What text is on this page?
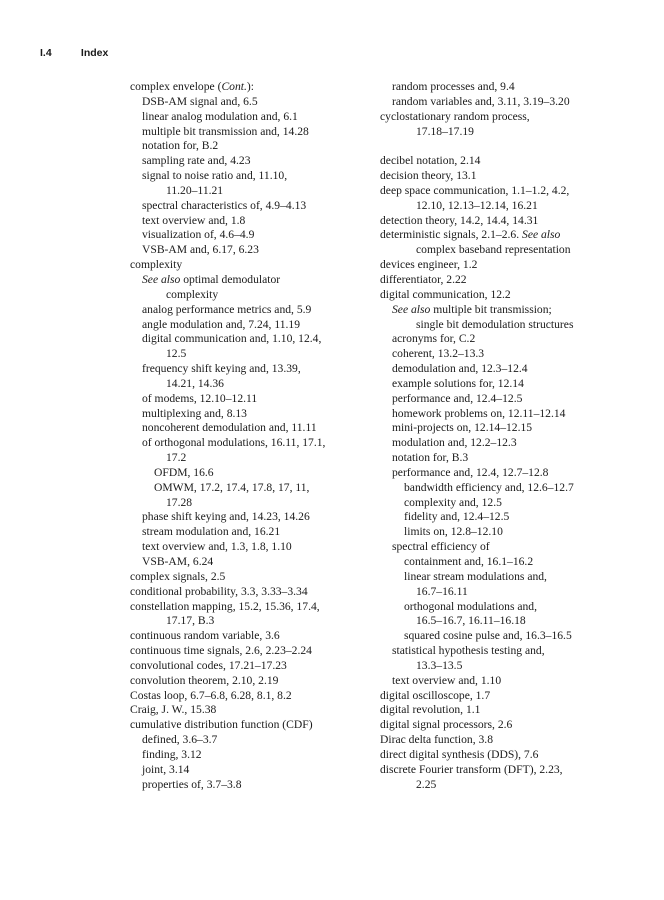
I.4	Index
complex envelope (Cont.):
DSB-AM signal and, 6.5
linear analog modulation and, 6.1
multiple bit transmission and, 14.28
notation for, B.2
sampling rate and, 4.23
signal to noise ratio and, 11.10,
11.20–11.21
spectral characteristics of, 4.9–4.13
text overview and, 1.8
visualization of, 4.6–4.9
VSB-AM and, 6.17, 6.23
complexity
See also optimal demodulator
complexity
analog performance metrics and, 5.9
angle modulation and, 7.24, 11.19
digital communication and, 1.10, 12.4,
12.5
frequency shift keying and, 13.39,
14.21, 14.36
of modems, 12.10–12.11
multiplexing and, 8.13
noncoherent demodulation and, 11.11
of orthogonal modulations, 16.11, 17.1,
17.2
OFDM, 16.6
OMWM, 17.2, 17.4, 17.8, 17, 11,
17.28
phase shift keying and, 14.23, 14.26
stream modulation and, 16.21
text overview and, 1.3, 1.8, 1.10
VSB-AM, 6.24
complex signals, 2.5
conditional probability, 3.3, 3.33–3.34
constellation mapping, 15.2, 15.36, 17.4,
17.17, B.3
continuous random variable, 3.6
continuous time signals, 2.6, 2.23–2.24
convolutional codes, 17.21–17.23
convolution theorem, 2.10, 2.19
Costas loop, 6.7–6.8, 6.28, 8.1, 8.2
Craig, J. W., 15.38
cumulative distribution function (CDF)
defined, 3.6–3.7
finding, 3.12
joint, 3.14
properties of, 3.7–3.8
random processes and, 9.4
random variables and, 3.11, 3.19–3.20
cyclostationary random process,
17.18–17.19
decibel notation, 2.14
decision theory, 13.1
deep space communication, 1.1–1.2, 4.2,
12.10, 12.13–12.14, 16.21
detection theory, 14.2, 14.4, 14.31
deterministic signals, 2.1–2.6. See also
complex baseband representation
devices engineer, 1.2
differentiator, 2.22
digital communication, 12.2
See also multiple bit transmission;
single bit demodulation structures
acronyms for, C.2
coherent, 13.2–13.3
demodulation and, 12.3–12.4
example solutions for, 12.14
performance and, 12.4–12.5
homework problems on, 12.11–12.14
mini-projects on, 12.14–12.15
modulation and, 12.2–12.3
notation for, B.3
performance and, 12.4, 12.7–12.8
bandwidth efficiency and, 12.6–12.7
complexity and, 12.5
fidelity and, 12.4–12.5
limits on, 12.8–12.10
spectral efficiency of
containment and, 16.1–16.2
linear stream modulations and,
16.7–16.11
orthogonal modulations and,
16.5–16.7, 16.11–16.18
squared cosine pulse and, 16.3–16.5
statistical hypothesis testing and,
13.3–13.5
text overview and, 1.10
digital oscilloscope, 1.7
digital revolution, 1.1
digital signal processors, 2.6
Dirac delta function, 3.8
direct digital synthesis (DDS), 7.6
discrete Fourier transform (DFT), 2.23,
2.25
